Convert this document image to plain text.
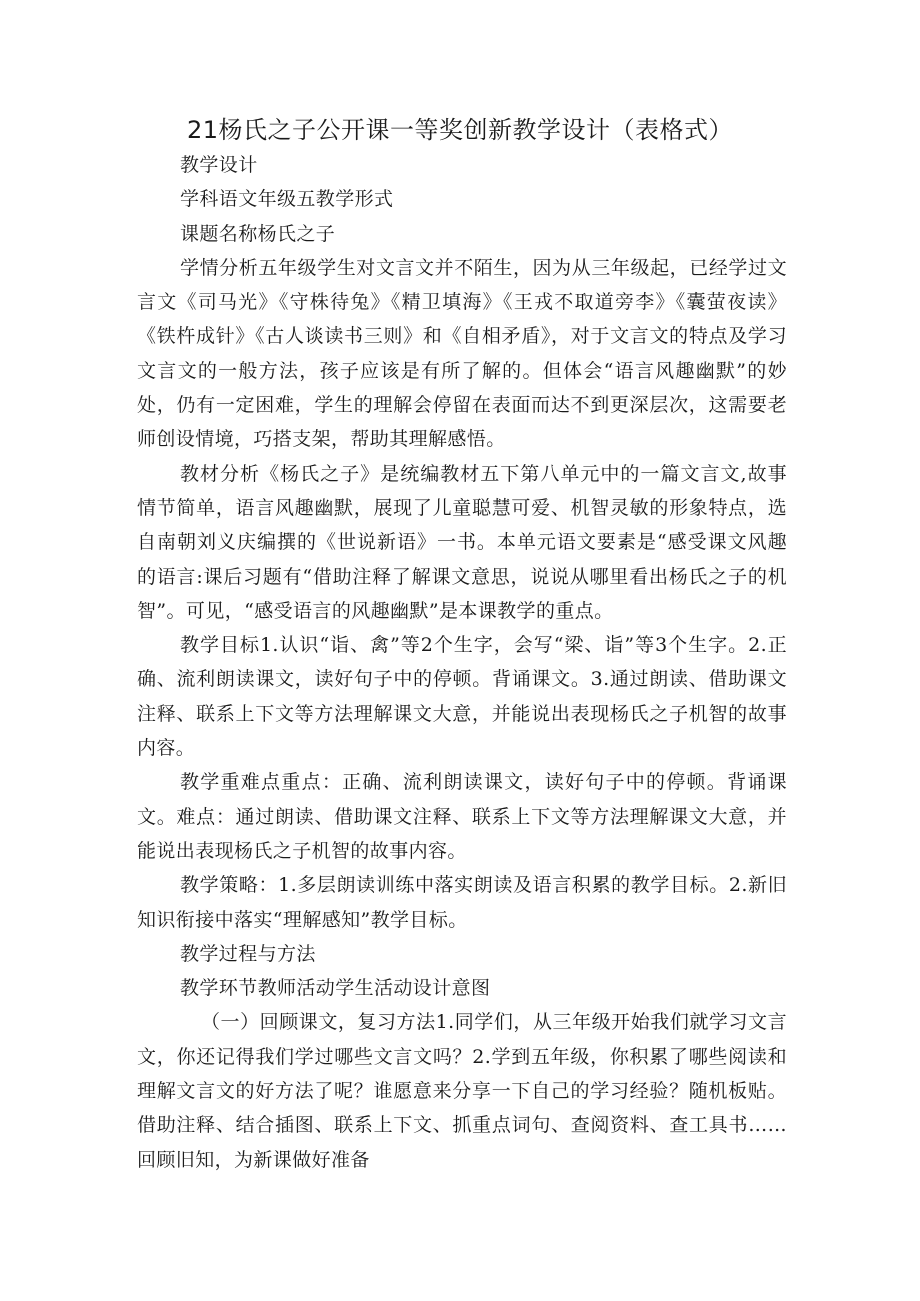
21杨氏之子公开课一等奖创新教学设计（表格式）

教学设计

学科语文年级五教学形式

课题名称杨氏之子

学情分析五年级学生对文言文并不陌生，因为从三年级起，已经学过文言文《司马光》《守株待兔》《精卫填海》《王戎不取道旁李》《囊萤夜读》《铁杵成针》《古人谈读书三则》和《自相矛盾》，对于文言文的特点及学习文言文的一般方法，孩子应该是有所了解的。但体会“语言风趣幽默”的妙处，仍有一定困难，学生的理解会停留在表面而达不到更深层次，这需要老师创设情境，巧搭支架，帮助其理解感悟。

教材分析《杨氏之子》是统编教材五下第八单元中的一篇文言文,故事情节简单，语言风趣幽默，展现了儿童聪慧可爱、机智灵敏的形象特点，选自南朝刘义庆编撰的《世说新语》一书。本单元语文要素是“感受课文风趣的语言:课后习题有“借助注释了解课文意思，说说从哪里看出杨氏之子的机智”。可见，“感受语言的风趣幽默”是本课教学的重点。

教学目标1.认识“诣、禽”等2个生字，会写“梁、诣”等3个生字。2.正确、流利朗读课文，读好句子中的停顿。背诵课文。3.通过朗读、借助课文注释、联系上下文等方法理解课文大意，并能说出表现杨氏之子机智的故事内容。

教学重难点重点：正确、流利朗读课文，读好句子中的停顿。背诵课文。难点：通过朗读、借助课文注释、联系上下文等方法理解课文大意，并能说出表现杨氏之子机智的故事内容。

教学策略：1.多层朗读训练中落实朗读及语言积累的教学目标。2.新旧知识衔接中落实“理解感知”教学目标。

教学过程与方法

教学环节教师活动学生活动设计意图

（一）回顾课文，复习方法1.同学们，从三年级开始我们就学习文言文，你还记得我们学过哪些文言文吗？2.学到五年级，你积累了哪些阅读和理解文言文的好方法了呢？谁愿意来分享一下自己的学习经验？随机板贴。借助注释、结合插图、联系上下文、抓重点词句、查阅资料、查工具书……回顾旧知，为新课做好准备
